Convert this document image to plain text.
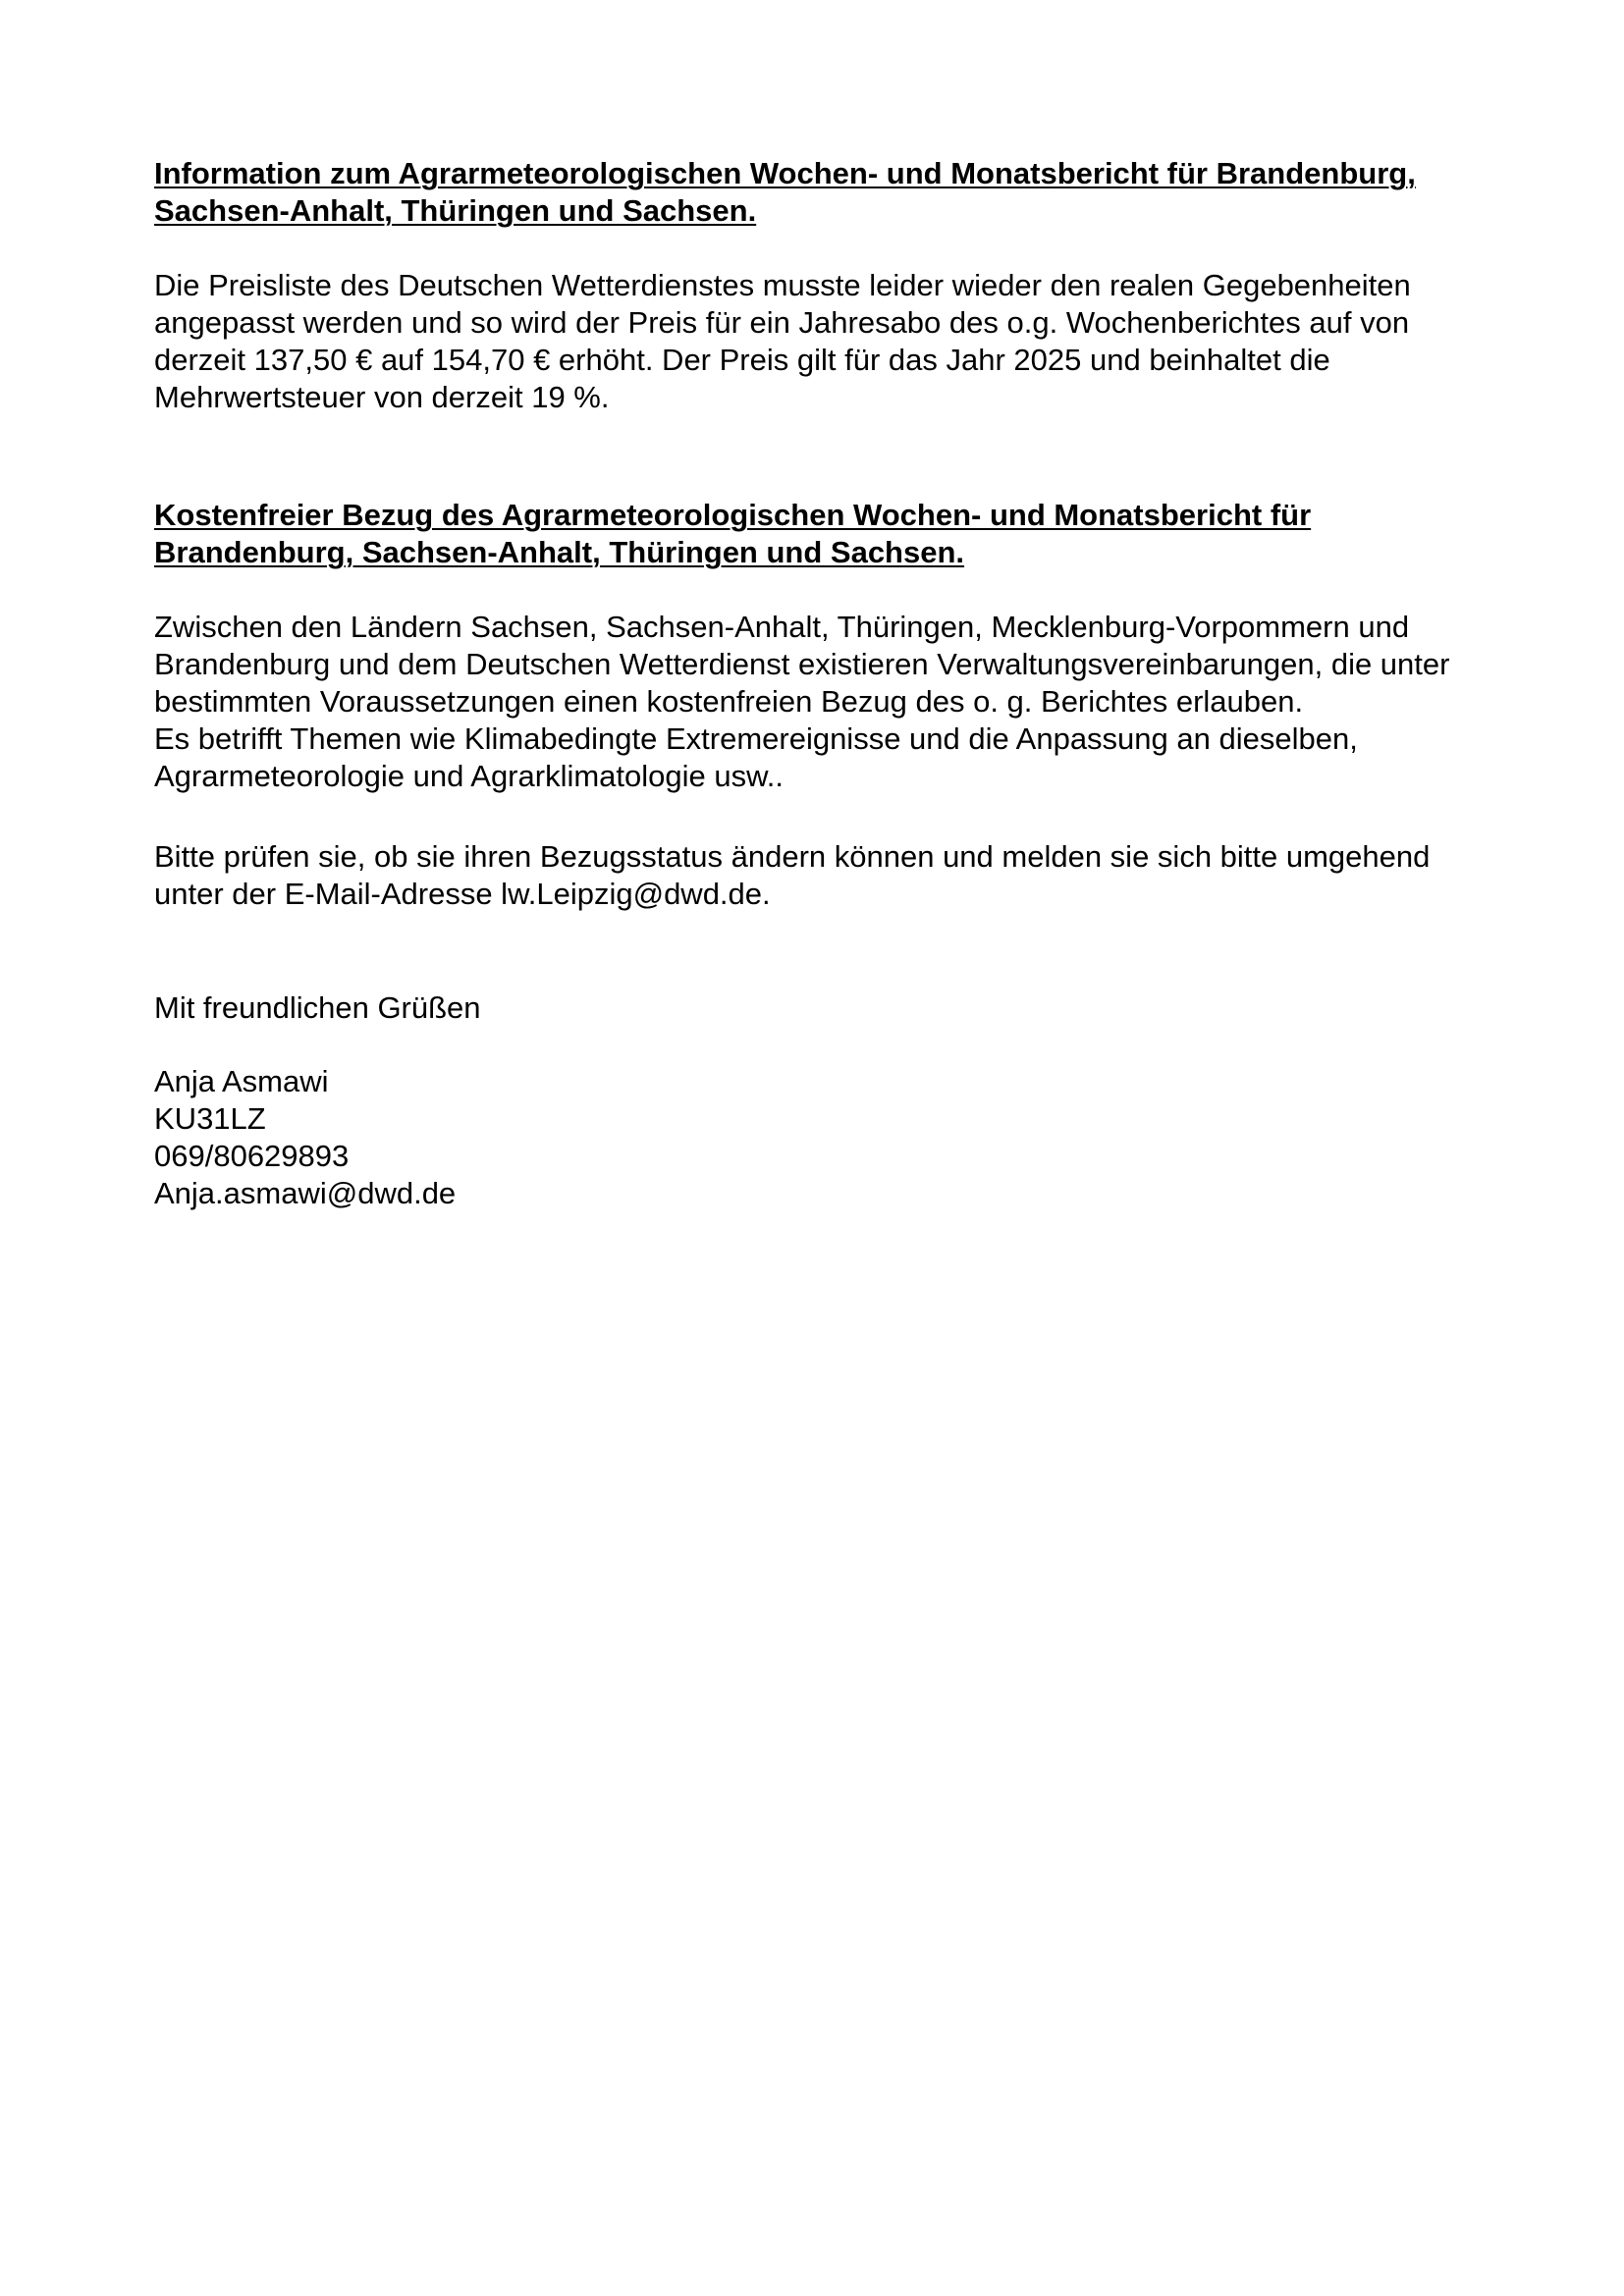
Information zum Agrarmeteorologischen Wochen- und Monatsbericht für Brandenburg,
Sachsen-Anhalt, Thüringen und Sachsen.
Die Preisliste des Deutschen Wetterdienstes musste leider wieder den realen Gegebenheiten
angepasst werden und so wird der Preis für ein Jahresabo des o.g. Wochenberichtes auf von
derzeit 137,50 € auf 154,70 € erhöht. Der Preis gilt für das Jahr 2025 und beinhaltet die
Mehrwertsteuer von derzeit 19 %.
Kostenfreier Bezug des Agrarmeteorologischen Wochen- und Monatsbericht für
Brandenburg, Sachsen-Anhalt, Thüringen und Sachsen.
Zwischen den Ländern Sachsen, Sachsen-Anhalt, Thüringen, Mecklenburg-Vorpommern und
Brandenburg und dem Deutschen Wetterdienst existieren Verwaltungsvereinbarungen, die unter
bestimmten Voraussetzungen einen kostenfreien Bezug des o. g. Berichtes erlauben.
Es betrifft Themen wie Klimabedingte Extremereignisse und die Anpassung an dieselben,
Agrarmeteorologie und Agrarklimatologie usw..
Bitte prüfen sie, ob sie ihren Bezugsstatus ändern können und melden sie sich bitte umgehend
unter der E-Mail-Adresse lw.Leipzig@dwd.de.
Mit freundlichen Grüßen
Anja Asmawi
KU31LZ
069/80629893
Anja.asmawi@dwd.de
